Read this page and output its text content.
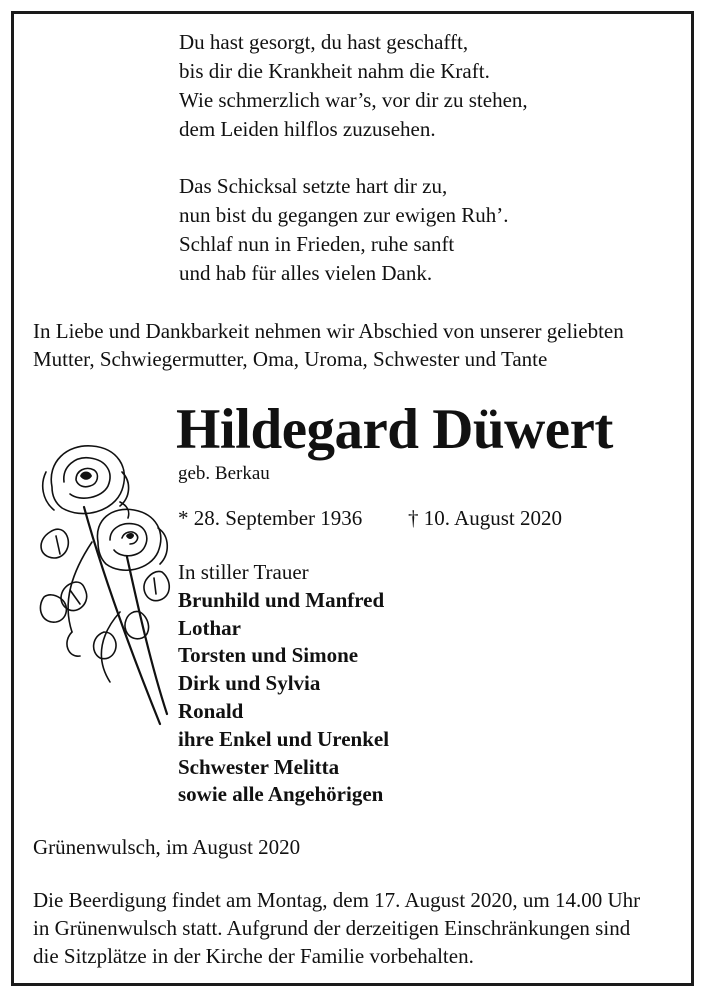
Du hast gesorgt, du hast geschafft,

bis dir die Krankheit nahm die Kraft.

Wie schmerzlich war’s, vor dir zu stehen,

dem Leiden hilflos zuzusehen.

Das Schicksal setzte hart dir zu,

nun bist du gegangen zur ewigen Ruh’.

Schlaf nun in Frieden, ruhe sanft

und hab für alles vielen Dank.

In Liebe und Dankbarkeit nehmen wir Abschied von unserer geliebten

Mutter, Schwiegermutter, Oma, Uroma, Schwester und Tante

Hildegard Düwert
geb. Berkau
* 28. September 1936 † 10. August 2020

In stiller Trauer

Brunhild und Manfred

Lothar

Torsten und Simone

Dirk und Sylvia

Ronald

ihre Enkel und Urenkel

Schwester Melitta

sowie alle Angehörigen

Grünenwulsch, im August 2020

Die Beerdigung findet am Montag, dem 17. August 2020, um 14.00 Uhr

in Grünenwulsch statt. Aufgrund der derzeitigen Einschränkungen sind

die Sitzplätze in der Kirche der Familie vorbehalten.
